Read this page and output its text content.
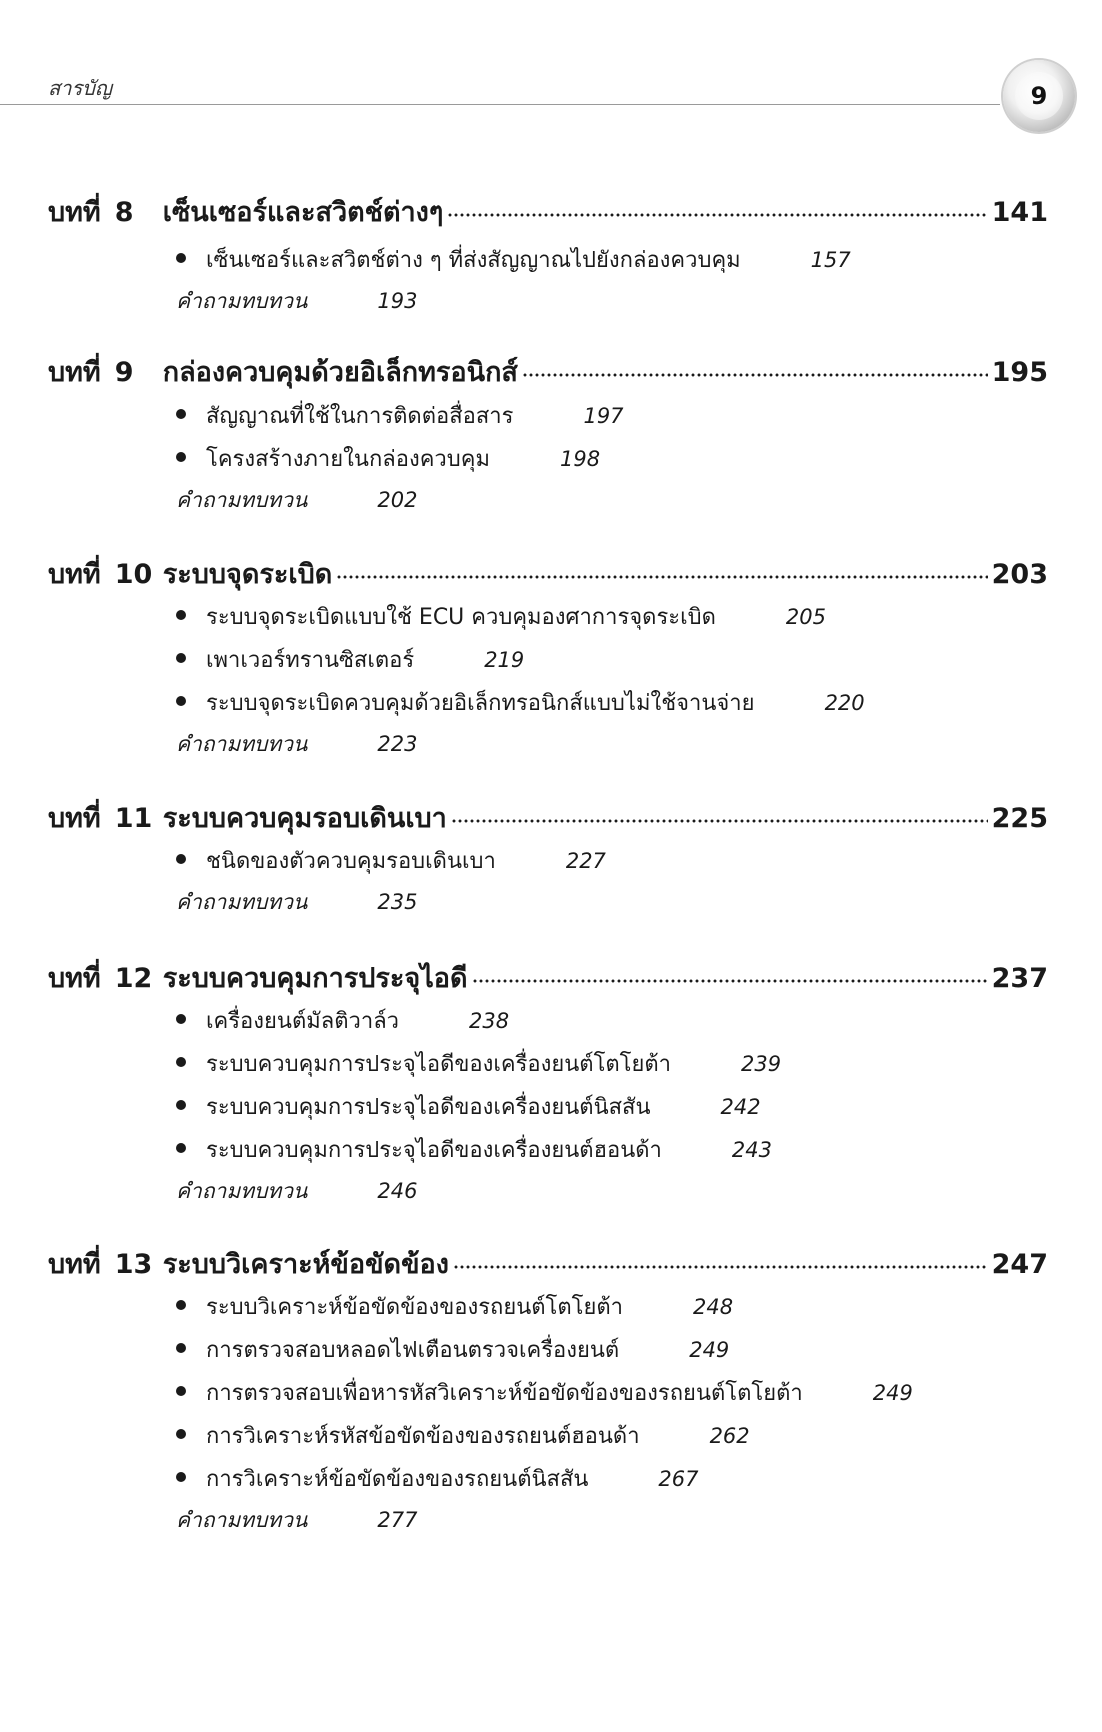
สารบัญ	9
บทที่ 8	เซ็นเซอร์และสวิตช์ต่างๆ	141
เซ็นเซอร์และสวิตช์ต่าง ๆ ที่ส่งสัญญาณไปยังกล่องควบคุม	157
คำถามทบทวน	193
บทที่ 9	กล่องควบคุมด้วยอิเล็กทรอนิกส์	195
สัญญาณที่ใช้ในการติดต่อสื่อสาร	197
โครงสร้างภายในกล่องควบคุม	198
คำถามทบทวน	202
บทที่ 10 ระบบจุดระเบิด	203
ระบบจุดระเบิดแบบใช้ ECU ควบคุมองศาการจุดระเบิด	205
เพาเวอร์ทรานซิสเตอร์	219
ระบบจุดระเบิดควบคุมด้วยอิเล็กทรอนิกส์แบบไม่ใช้จานจ่าย	220
คำถามทบทวน	223
บทที่ 11 ระบบควบคุมรอบเดินเบา	225
ชนิดของตัวควบคุมรอบเดินเบา	227
คำถามทบทวน	235
บทที่ 12 ระบบควบคุมการประจุไอดี	237
เครื่องยนต์มัลติวาล์ว	238
ระบบควบคุมการประจุไอดีของเครื่องยนต์โตโยต้า	239
ระบบควบคุมการประจุไอดีของเครื่องยนต์นิสสัน	242
ระบบควบคุมการประจุไอดีของเครื่องยนต์ฮอนด้า	243
คำถามทบทวน	246
บทที่ 13 ระบบวิเคราะห์ข้อขัดข้อง	247
ระบบวิเคราะห์ข้อขัดข้องของรถยนต์โตโยต้า	248
การตรวจสอบหลอดไฟเตือนตรวจเครื่องยนต์	249
การตรวจสอบเพื่อหารหัสวิเคราะห์ข้อขัดข้องของรถยนต์โตโยต้า	249
การวิเคราะห์รหัสข้อขัดข้องของรถยนต์ฮอนด้า	262
การวิเคราะห์ข้อขัดข้องของรถยนต์นิสสัน	267
คำถามทบทวน	277
